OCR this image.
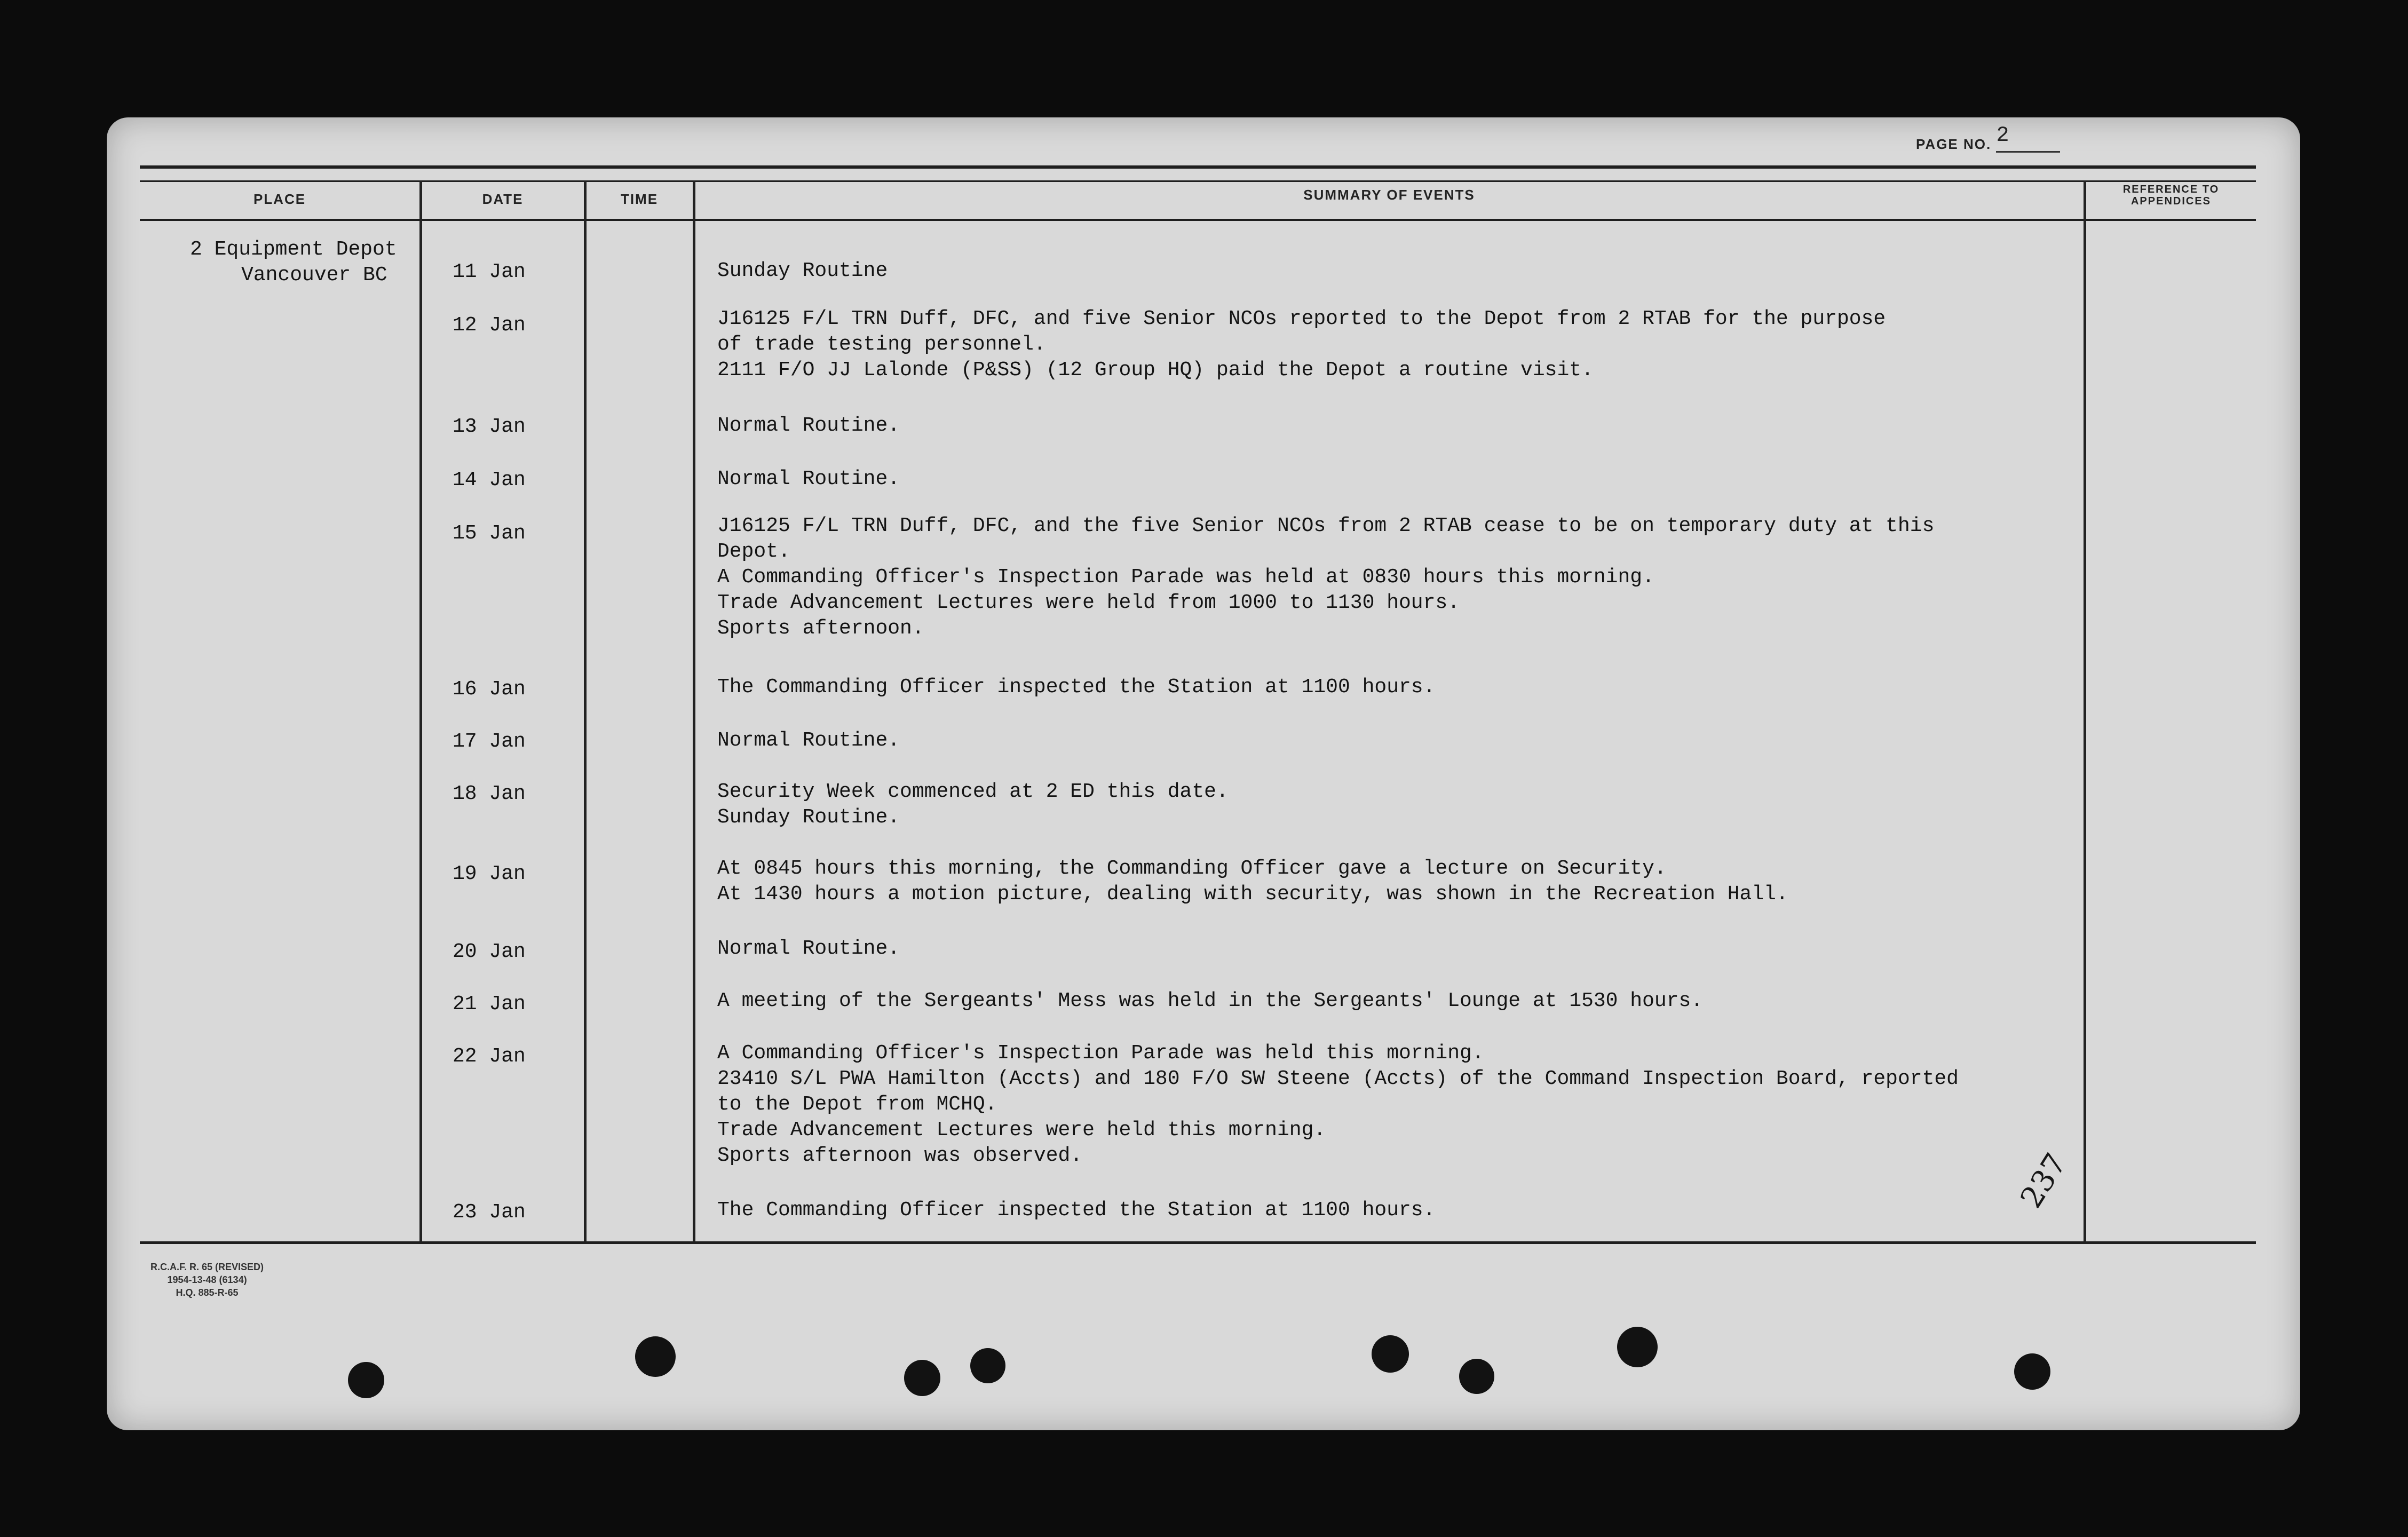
PAGE NO. 2
PLACE	DATE	TIME	SUMMARY OF EVENTS	REFERENCE TO
APPENDICES
2 Equipment Depot
Vancouver BC	11 Jan	Sunday Routine
12 Jan	J16125 F/L TRN Duff, DFC, and five Senior NCOs reported to the Depot from 2 RTAB for the purpose
of trade testing personnel.
2111 F/O JJ Lalonde (P&SS) (12 Group HQ) paid the Depot a routine visit.
13 Jan	Normal Routine.
14 Jan	Normal Routine.
15 Jan	J16125 F/L TRN Duff, DFC, and the five Senior NCOs from 2 RTAB cease to be on temporary duty at this
Depot.
A Commanding Officer's Inspection Parade was held at 0830 hours this morning.
Trade Advancement Lectures were held from 1000 to 1130 hours.
Sports afternoon.
16 Jan	The Commanding Officer inspected the Station at 1100 hours.
17 Jan	Normal Routine.
18 Jan	Security Week commenced at 2 ED this date.
Sunday Routine.
19 Jan	At 0845 hours this morning, the Commanding Officer gave a lecture on Security.
At 1430 hours a motion picture, dealing with security, was shown in the Recreation Hall.
20 Jan	Normal Routine.
21 Jan	A meeting of the Sergeants' Mess was held in the Sergeants' Lounge at 1530 hours.
22 Jan	A Commanding Officer's Inspection Parade was held this morning.
23410 S/L PWA Hamilton (Accts) and 180 F/O SW Steene (Accts) of the Command Inspection Board, reported
to the Depot from MCHQ.
Trade Advancement Lectures were held this morning.
Sports afternoon was observed.
23 Jan	The Commanding Officer inspected the Station at 1100 hours.	237
R.C.A.F. R. 65 (REVISED)
1954-13-48 (6134)
H.Q. 885-R-65
